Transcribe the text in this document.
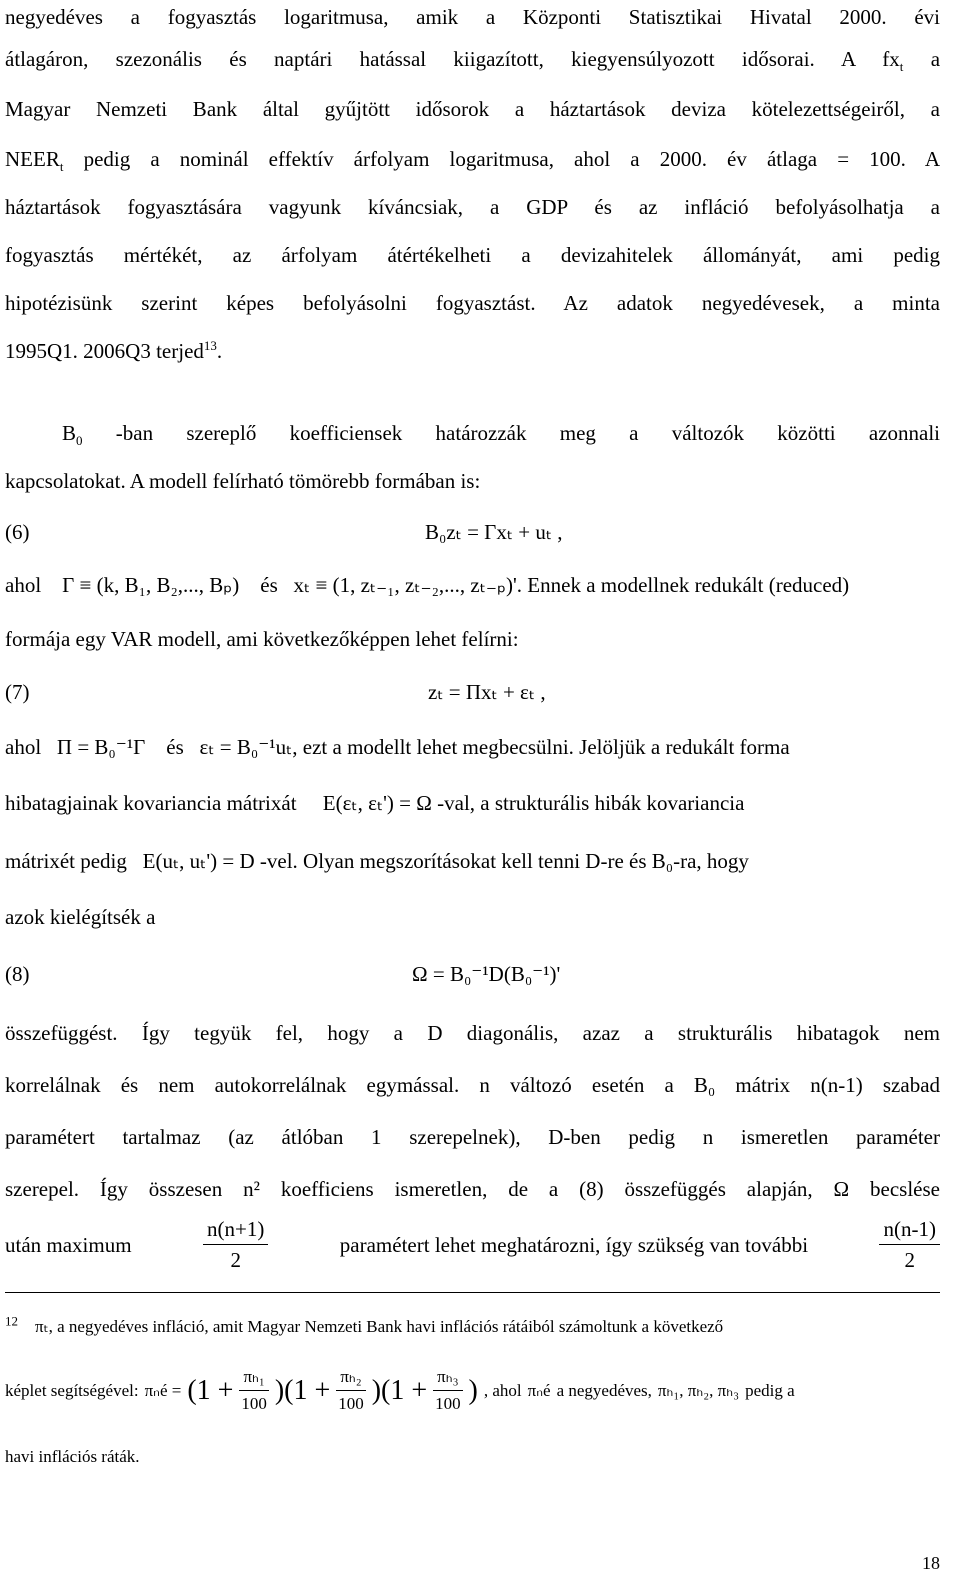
negyedéves a fogyasztás logaritmusa, amik a Központi Statisztikai Hivatal 2000. évi
átlagáron, szezonális és naptári hatással kiigazított, kiegyensúlyozott idősorai. A $fx_t$ a
Magyar Nemzeti Bank által gyűjtött idősorok a háztartások deviza kötelezettségeiről, a
$NEER_t$ pedig a nominál effektív árfolyam logaritmusa, ahol a 2000. év átlaga = 100. A
háztartások fogyasztására vagyunk kíváncsiak, a GDP és az infláció befolyásolhatja a
fogyasztás mértékét, az árfolyam átértékelheti a devizahitelek állományát, ami pedig
hipotézisünk szerint képes befolyásolni fogyasztást. Az adatok negyedévesek, a minta
1995Q1. 2006Q3 terjed$^{13}$.
$B_0$ -ban szereplő koefficiensek határozzák meg a változók közötti azonnali
kapcsolatokat. A modell felírható tömörebb formában is:
(6)	B₀zₜ = Γxₜ + uₜ ,
ahol Γ ≡ (k, B₁, B₂,..., Bₚ) és xₜ ≡ (1, zₜ₋₁, zₜ₋₂,..., zₜ₋ₚ)'. Ennek a modellnek redukált (reduced)
formája egy VAR modell, ami következőképpen lehet felírni:
(7)	zₜ = Πxₜ + εₜ ,
ahol Π = B₀⁻¹Γ és εₜ = B₀⁻¹uₜ, ezt a modellt lehet megbecsülni. Jelöljük a redukált forma
hibatagjainak kovariancia mátrixát E(εₜ, εₜ') = Ω -val, a strukturális hibák kovariancia
mátrixét pedig E(uₜ, uₜ') = D -vel. Olyan megszorításokat kell tenni D-re és B₀-ra, hogy
azok kielégítsék a
(8)	Ω = B₀⁻¹D(B₀⁻¹)'
összefüggést. Így tegyük fel, hogy a D diagonális, azaz a strukturális hibatagok nem
korrelálnak és nem autokorrelálnak egymással. n változó esetén a B₀ mátrix n(n-1) szabad
paramétert tartalmaz (az átlóban 1 szerepelnek), D-ben pedig n ismeretlen paraméter
szerepel. Így összesen n² koefficiens ismeretlen, de a (8) összefüggés alapján, Ω becslése
után maximum	$\frac{n(n+1)}{2}$	paramétert lehet meghatározni, így szükség van további	$\frac{n(n-1)}{2}$
$^{12}$ πₜ, a negyedéves infláció, amit Magyar Nemzeti Bank havi inflációs rátáiból számoltunk a következő
képlet segítségével: πₙé = $(1 + \frac{\text{πₕ₁}}{100} )(1 + \frac{\text{πₕ₂}}{100} )(1 + \frac{\text{πₕ₃}}{100}$ ) , ahol πₙé a negyedéves, πₕ₁, πₕ₂, πₕ₃ pedig a
havi inflációs ráták.
18
